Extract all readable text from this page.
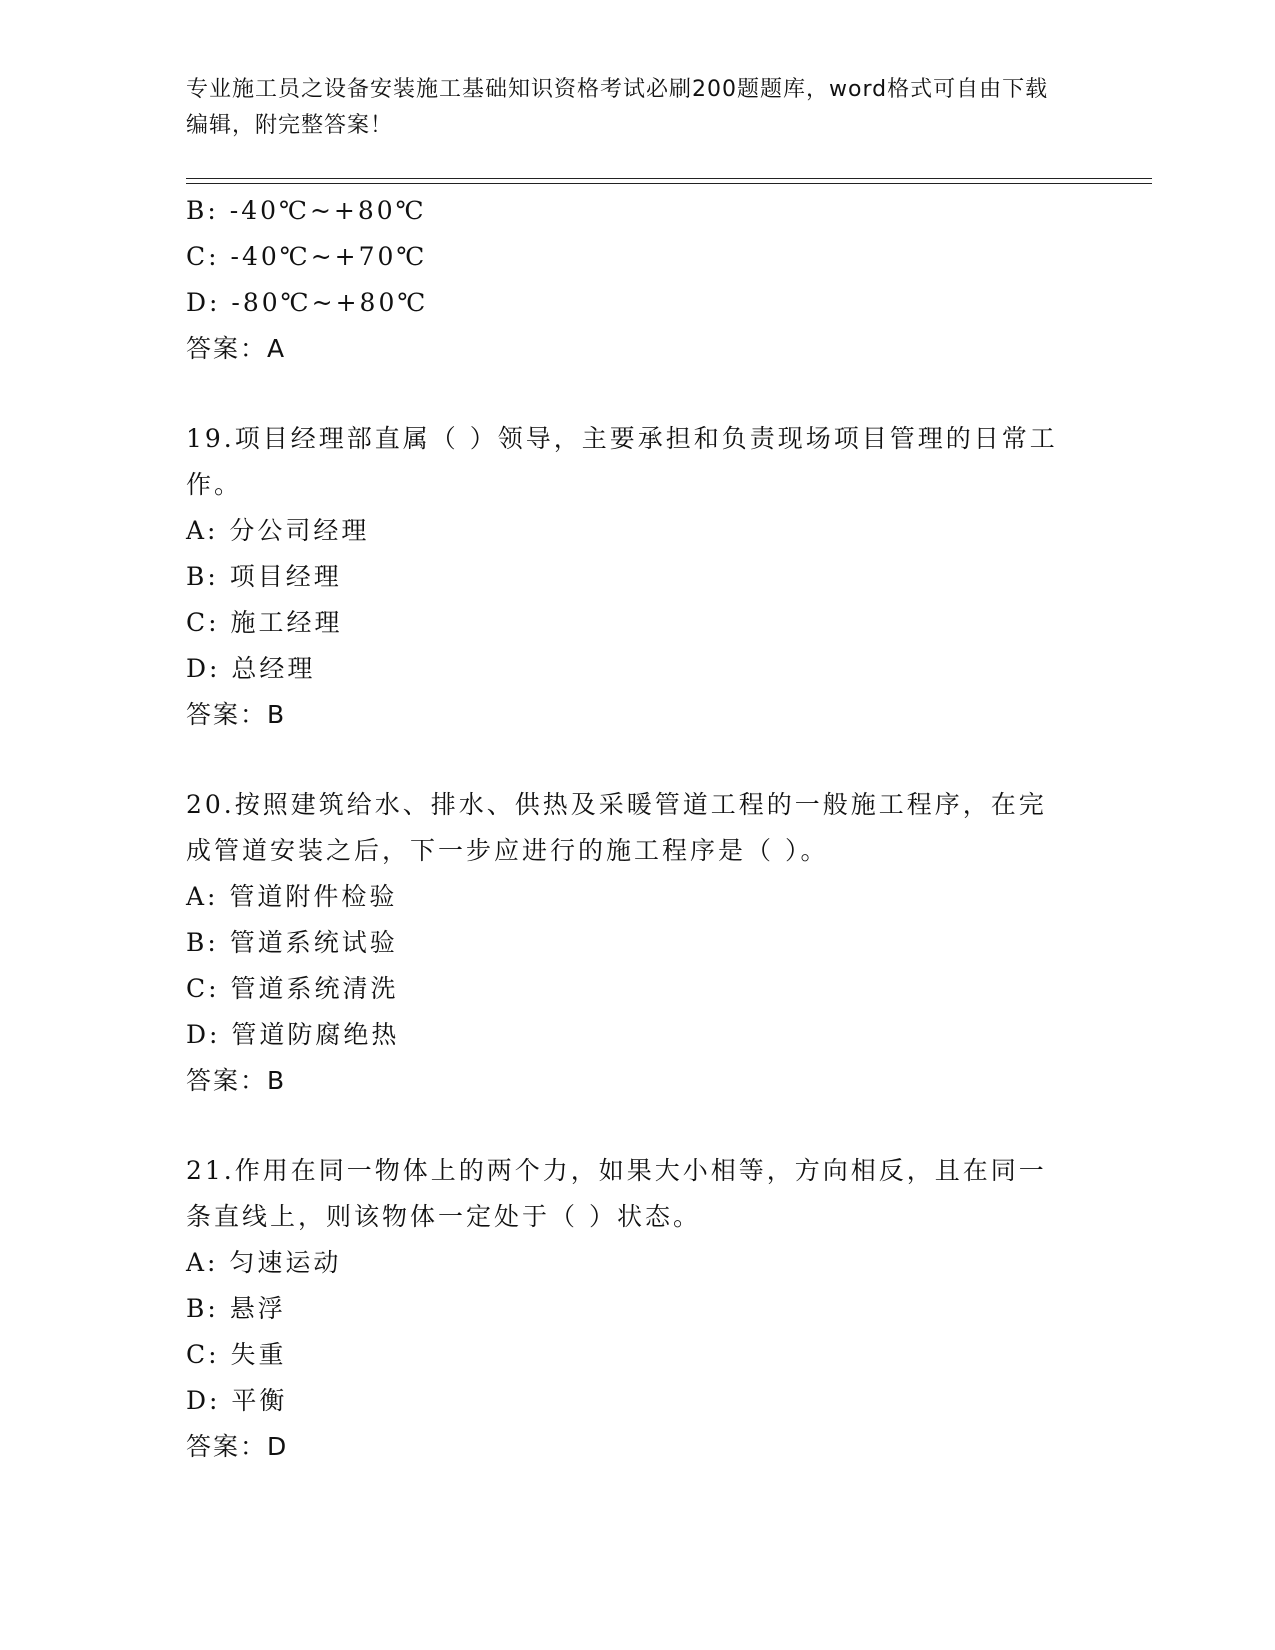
专业施工员之设备安装施工基础知识资格考试必刷200题题库，word格式可自由下载编辑，附完整答案！
B: -40℃~+80℃
C: -40℃~+70℃
D: -80℃~+80℃
答案：A
19.项目经理部直属（ ）领导，主要承担和负责现场项目管理的日常工作。
A: 分公司经理
B: 项目经理
C: 施工经理
D: 总经理
答案：B
20.按照建筑给水、排水、供热及采暖管道工程的一般施工程序，在完成管道安装之后，下一步应进行的施工程序是（ ）。
A: 管道附件检验
B: 管道系统试验
C: 管道系统清洗
D: 管道防腐绝热
答案：B
21.作用在同一物体上的两个力，如果大小相等，方向相反，且在同一条直线上，则该物体一定处于（ ）状态。
A: 匀速运动
B: 悬浮
C: 失重
D: 平衡
答案：D
